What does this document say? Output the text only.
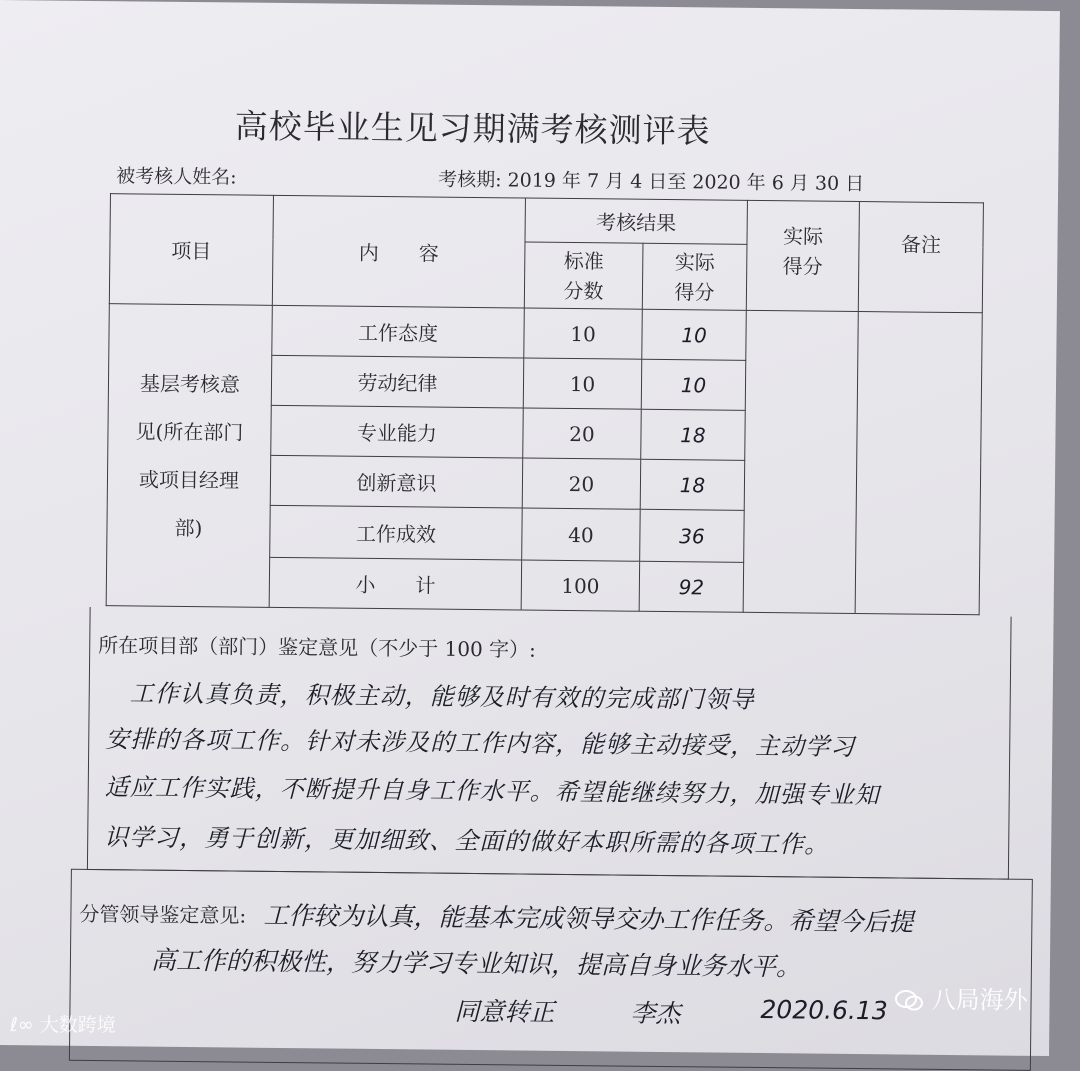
高校毕业生见习期满考核测评表
被考核人姓名:	考核期: 2019 年 7 月 4 日至 2020 年 6 月 30 日
项目	内　　容	考核结果		实际得分	备注

		标准分数	实际得分		

基层考核意
见(所在部门
或项目经理
部)	工作态度	10	10		
	劳动纪律	10	10		
	专业能力	20	18		
	创新意识	20	18		
	工作成效	40	36		
	小　　计	100	92		
所在项目部（部门）鉴定意见（不少于 100 字）:
工作认真负责，积极主动，能够及时有效的完成部门领导
安排的各项工作。针对未涉及的工作内容，能够主动接受，主动学习
适应工作实践，不断提升自身工作水平。希望能继续努力，加强专业知
识学习，勇于创新，更加细致、全面的做好本职所需的各项工作。
分管领导鉴定意见: 工作较为认真，能基本完成领导交办工作任务。希望今后提
高工作的积极性，努力学习专业知识，提高自身业务水平。
同意转正	李杰	2020.6.13
ℓ∞ 大数跨境
八局海外
